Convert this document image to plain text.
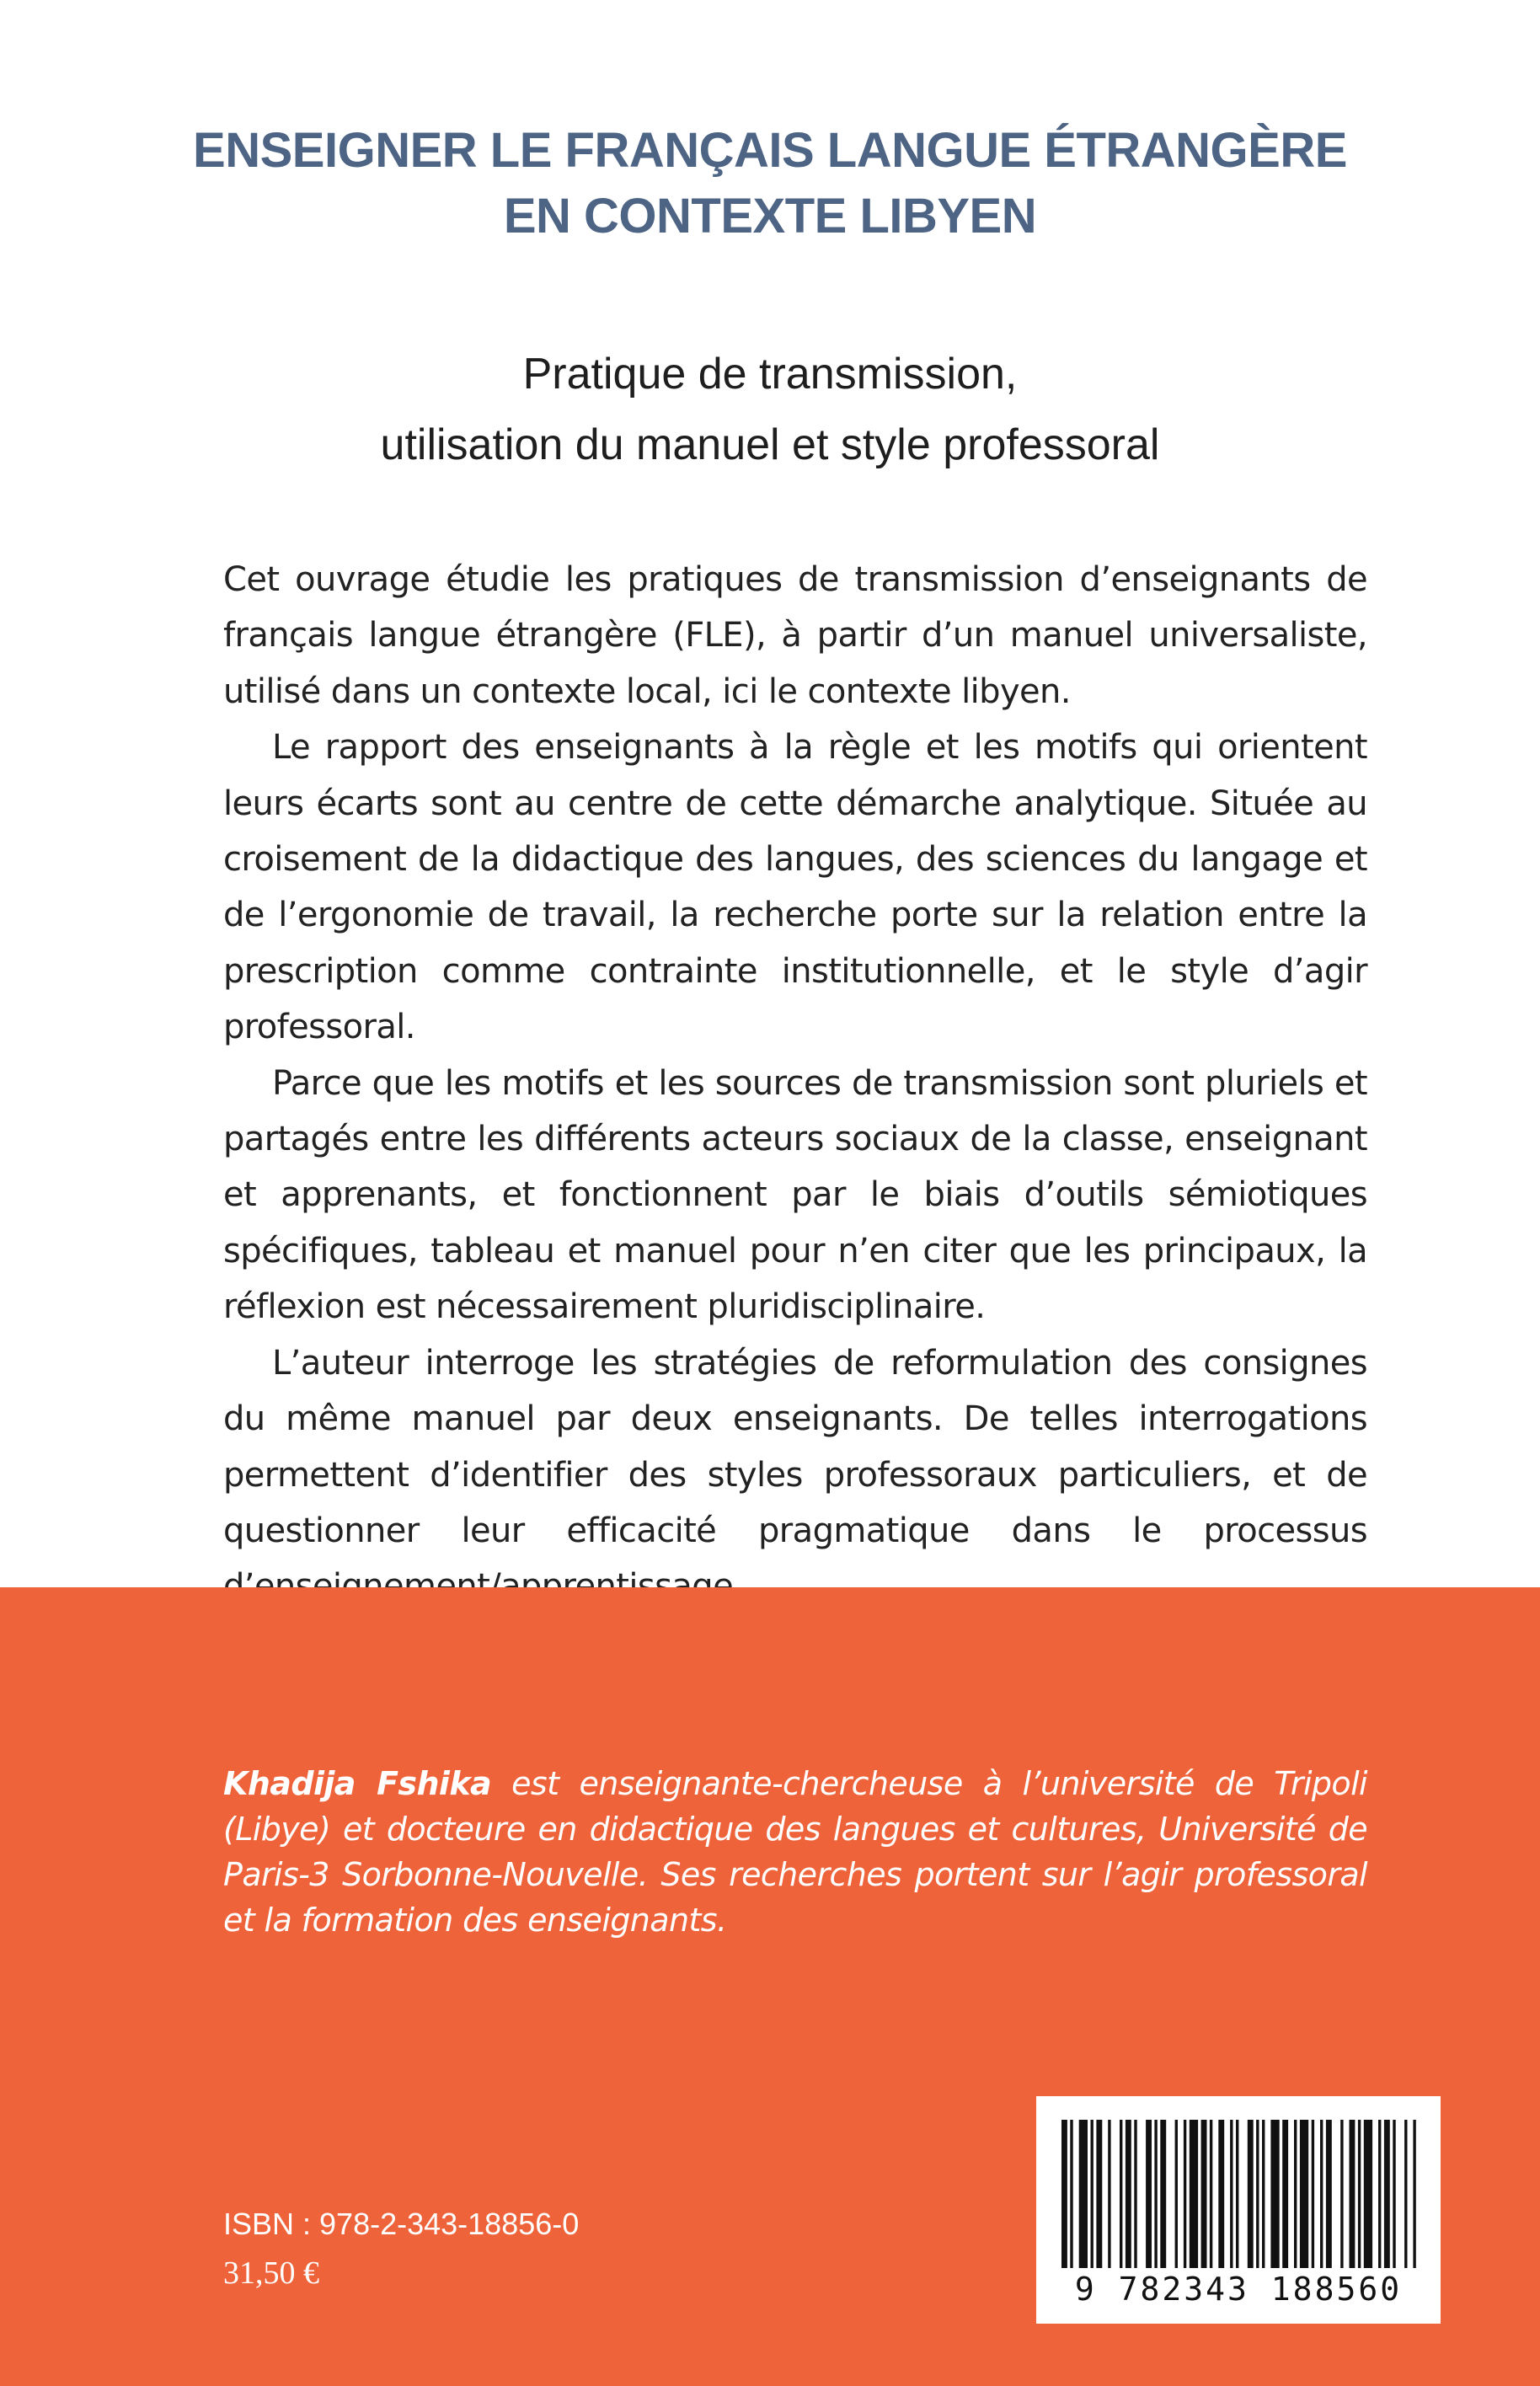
ENSEIGNER LE FRANÇAIS LANGUE ÉTRANGÈRE
EN CONTEXTE LIBYEN
Pratique de transmission,
utilisation du manuel et style professoral

Cet ouvrage étudie les pratiques de transmission d’enseignants de français langue étrangère (FLE), à partir d’un manuel universaliste, utilisé dans un contexte local, ici le contexte libyen.

Le rapport des enseignants à la règle et les motifs qui orientent leurs écarts sont au centre de cette démarche analytique. Située au croisement de la didactique des langues, des sciences du langage et de l’ergonomie de travail, la recherche porte sur la relation entre la prescription comme contrainte institutionnelle, et le style d’agir professoral.

Parce que les motifs et les sources de transmission sont pluriels et partagés entre les différents acteurs sociaux de la classe, enseignant et apprenants, et fonctionnent par le biais d’outils sémiotiques spécifiques, tableau et manuel pour n’en citer que les principaux, la réflexion est nécessairement pluridisciplinaire.

L’auteur interroge les stratégies de reformulation des consignes du même manuel par deux enseignants. De telles interrogations permettent d’identifier des styles professoraux particuliers, et de questionner leur efficacité pragmatique dans le processus

Khadija Fshika est enseignante-chercheuse à l’université de Tripoli (Libye) et docteure en didactique des langues et cultures, Université de Paris-3 Sorbonne-Nouvelle. Ses recherches portent sur l’agir professoral et la formation des enseignants.
ISBN : 978-2-343-18856-0
31,50 €	9 782343 188560
